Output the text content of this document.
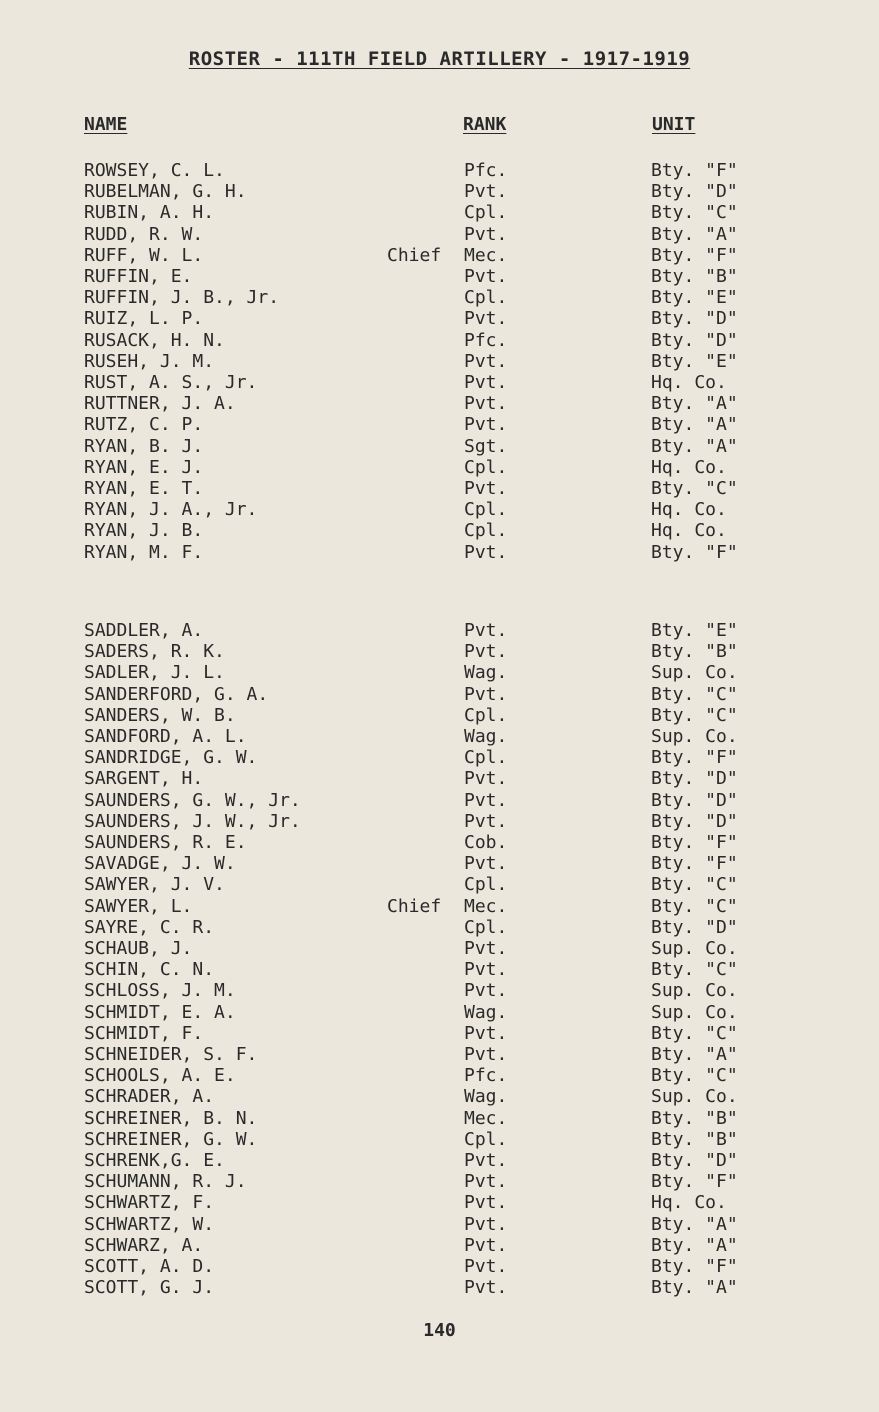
ROSTER - 111TH FIELD ARTILLERY - 1917-1919
NAME	RANK	UNIT
ROWSEY, C. L.	Pfc.	Bty. "F"
RUBELMAN, G. H.	Pvt.	Bty. "D"
RUBIN, A. H.	Cpl.	Bty. "C"
RUDD, R. W.	Pvt.	Bty. "A"
RUFF, W. L.	Chief Mec.	Bty. "F"
RUFFIN, E.	Pvt.	Bty. "B"
RUFFIN, J. B., Jr.	Cpl.	Bty. "E"
RUIZ, L. P.	Pvt.	Bty. "D"
RUSACK, H. N.	Pfc.	Bty. "D"
RUSEH, J. M.	Pvt.	Bty. "E"
RUST, A. S., Jr.	Pvt.	Hq. Co.
RUTTNER, J. A.	Pvt.	Bty. "A"
RUTZ, C. P.	Pvt.	Bty. "A"
RYAN, B. J.	Sgt.	Bty. "A"
RYAN, E. J.	Cpl.	Hq. Co.
RYAN, E. T.	Pvt.	Bty. "C"
RYAN, J. A., Jr.	Cpl.	Hq. Co.
RYAN, J. B.	Cpl.	Hq. Co.
RYAN, M. F.	Pvt.	Bty. "F"
SADDLER, A.	Pvt.	Bty. "E"
SADERS, R. K.	Pvt.	Bty. "B"
SADLER, J. L.	Wag.	Sup. Co.
SANDERFORD, G. A.	Pvt.	Bty. "C"
SANDERS, W. B.	Cpl.	Bty. "C"
SANDFORD, A. L.	Wag.	Sup. Co.
SANDRIDGE, G. W.	Cpl.	Bty. "F"
SARGENT, H.	Pvt.	Bty. "D"
SAUNDERS, G. W., Jr.	Pvt.	Bty. "D"
SAUNDERS, J. W., Jr.	Pvt.	Bty. "D"
SAUNDERS, R. E.	Cob.	Bty. "F"
SAVADGE, J. W.	Pvt.	Bty. "F"
SAWYER, J. V.	Cpl.	Bty. "C"
SAWYER, L.	Chief Mec.	Bty. "C"
SAYRE, C. R.	Cpl.	Bty. "D"
SCHAUB, J.	Pvt.	Sup. Co.
SCHIN, C. N.	Pvt.	Bty. "C"
SCHLOSS, J. M.	Pvt.	Sup. Co.
SCHMIDT, E. A.	Wag.	Sup. Co.
SCHMIDT, F.	Pvt.	Bty. "C"
SCHNEIDER, S. F.	Pvt.	Bty. "A"
SCHOOLS, A. E.	Pfc.	Bty. "C"
SCHRADER, A.	Wag.	Sup. Co.
SCHREINER, B. N.	Mec.	Bty. "B"
SCHREINER, G. W.	Cpl.	Bty. "B"
SCHRENK,G. E.	Pvt.	Bty. "D"
SCHUMANN, R. J.	Pvt.	Bty. "F"
SCHWARTZ, F.	Pvt.	Hq. Co.
SCHWARTZ, W.	Pvt.	Bty. "A"
SCHWARZ, A.	Pvt.	Bty. "A"
SCOTT, A. D.	Pvt.	Bty. "F"
SCOTT, G. J.	Pvt.	Bty. "A"
140
